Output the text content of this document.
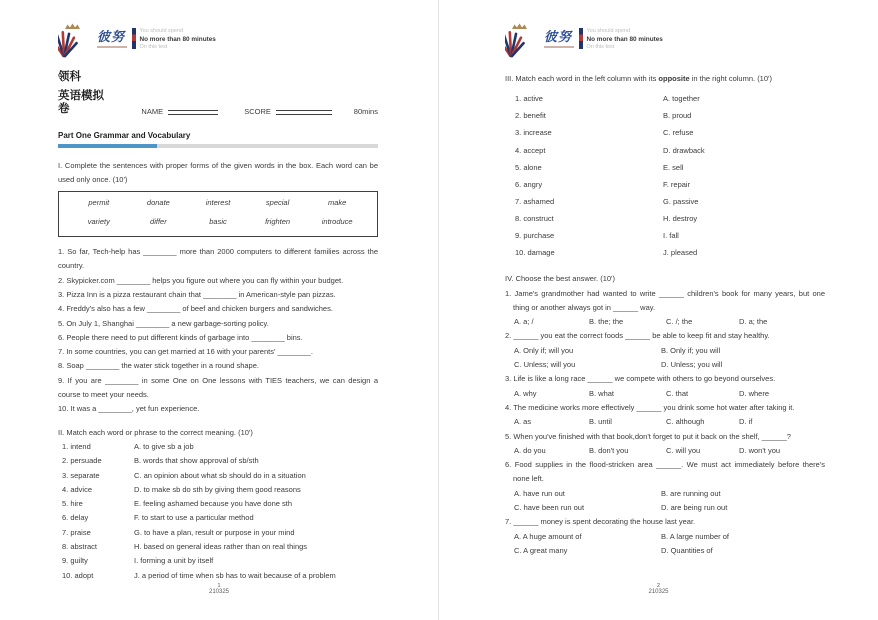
彼努	You should spend
No more than 80 minutes
On this test
领科
英语模拟卷	NAME	SCORE	80mins
Part One Grammar and Vocabulary
I. Complete the sentences with proper forms of the given words in the box. Each word can be used only once. (10')
permit	donate	interest	special	make
variety	differ	basic	frighten	introduce
1. So far, Tech-help has ________ more than 2000 computers to different families across the country.
2. Skypicker.com ________ helps you figure out where you can fly within your budget.
3. Pizza Inn is a pizza restaurant chain that ________ in American-style pan pizzas.
4. Freddy's also has a few ________ of beef and chicken burgers and sandwiches.
5. On July 1, Shanghai ________ a new garbage-sorting policy.
6. People there need to put different kinds of garbage into ________ bins.
7. In some countries, you can get married at 16 with your parents' ________.
8. Soap ________ the water stick together in a round shape.
9. If you are ________ in some One on One lessons with TIES teachers, we can design a course to meet your needs.
10. It was a ________, yet fun experience.
II. Match each word or phrase to the correct meaning. (10')
1. intend	A. to give sb a job
2. persuade	B. words that show approval of sb/sth
3. separate	C. an opinion about what sb should do in a situation
4. advice	D. to make sb do sth by giving them good reasons
5. hire	E. feeling ashamed because you have done sth
6. delay	F. to start to use a particular method
7. praise	G. to have a plan, result or purpose in your mind
8. abstract	H. based on general ideas rather than on real things
9. guilty	I. forming a unit by itself
10. adopt	J. a period of time when sb has to wait because of a problem
1
210325
彼努	You should spend
No more than 80 minutes
On this test
III. Match each word in the left column with its opposite in the right column. (10')
1. active	A. together
2. benefit	B. proud
3. increase	C. refuse
4. accept	D. drawback
5. alone	E. sell
6. angry	F. repair
7. ashamed	G. passive
8. construct	H. destroy
9. purchase	I. fall
10. damage	J. pleased
IV. Choose the best answer. (10')
1. Jame's grandmother had wanted to write ______ children's book for many years, but one thing or another always got in ______ way.
A. a; /	B. the; the	C. /; the	D. a; the
2. ______ you eat the correct foods ______ be able to keep fit and stay healthy.
A. Only if; will you	B. Only if; you will
C. Unless; will you	D. Unless; you will
3. Life is like a long race ______ we compete with others to go beyond ourselves.
A. why	B. what	C. that	D. where
4. The medicine works more effectively ______ you drink some hot water after taking it.
A. as	B. until	C. although	D. if
5. When you've finished with that book,don't forget to put it back on the shelf, ______?
A. do you	B. don't you	C. will you	D. won't you
6. Food supplies in the flood-stricken area ______. We must act immediately before there's none left.
A. have run out	B. are running out
C. have been run out	D. are being run out
7. ______ money is spent decorating the house last year.
A. A huge amount of	B. A large number of
C. A great many	D. Quantities of
2
210325
